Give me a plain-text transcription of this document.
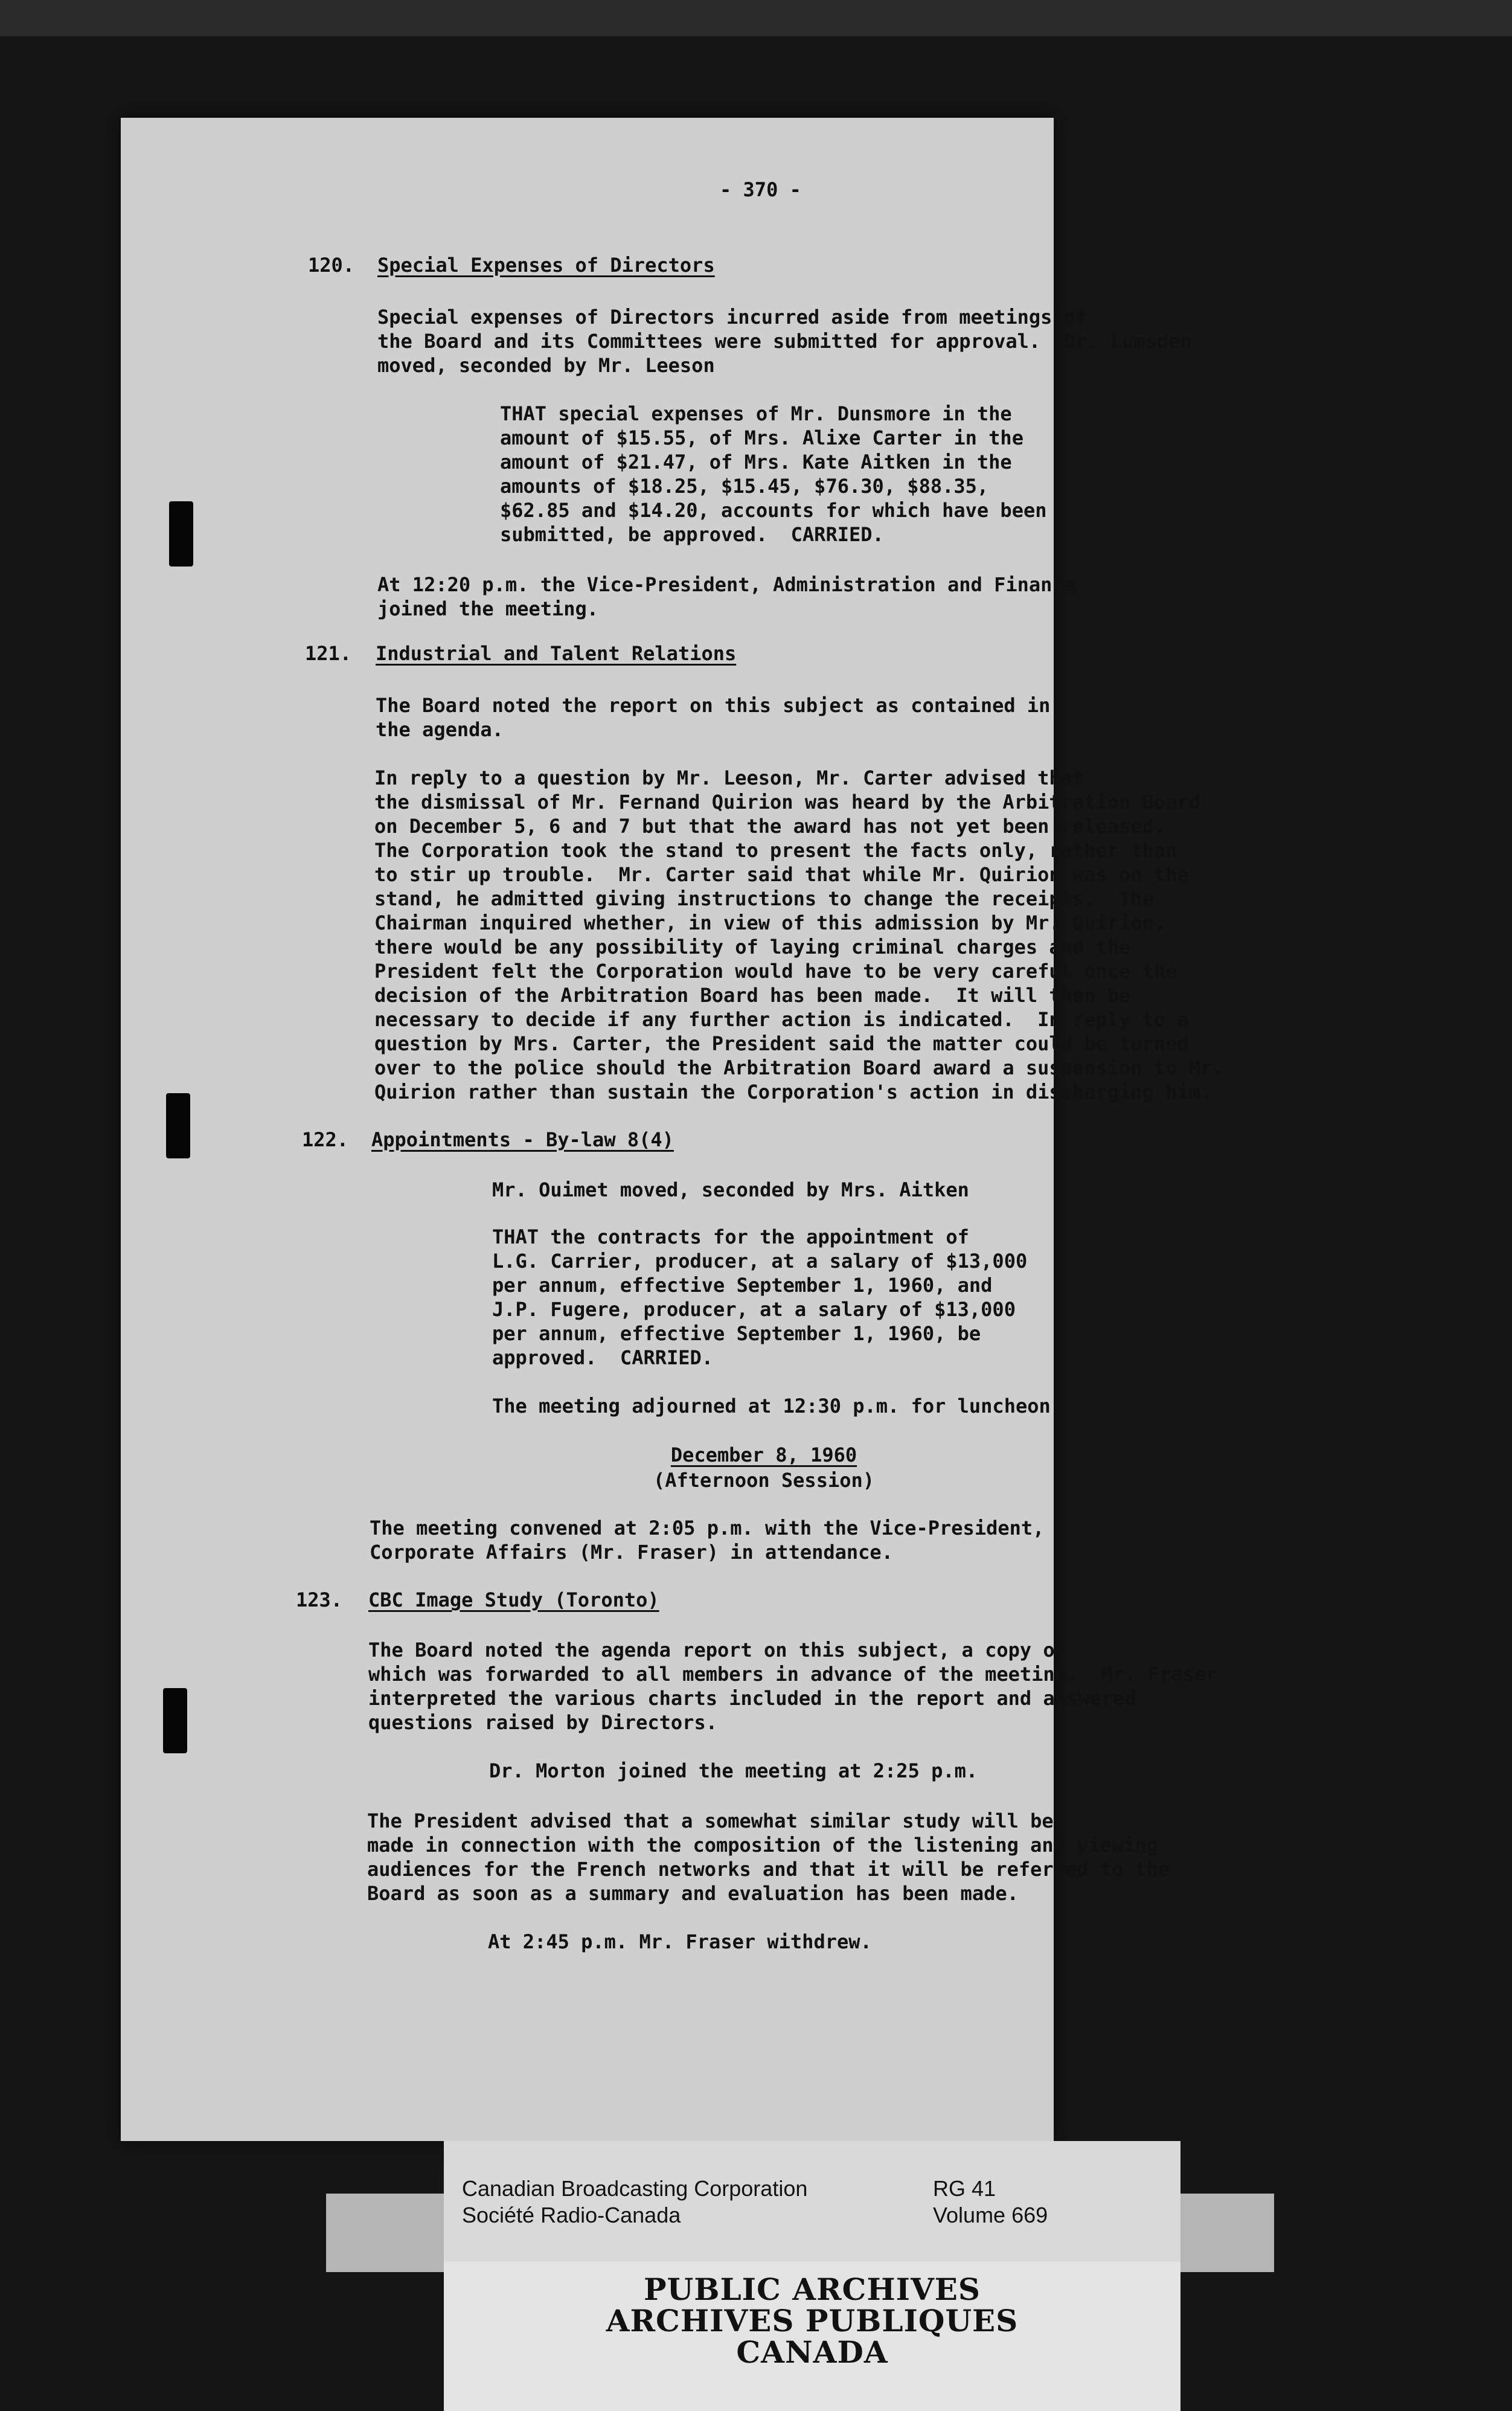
- 370 -
120. Special Expenses of Directors
Special expenses of Directors incurred aside from meetings of
the Board and its Committees were submitted for approval.  Dr. Lumsden
moved, seconded by Mr. Leeson
THAT special expenses of Mr. Dunsmore in the
amount of $15.55, of Mrs. Alixe Carter in the
amount of $21.47, of Mrs. Kate Aitken in the
amounts of $18.25, $15.45, $76.30, $88.35,
$62.85 and $14.20, accounts for which have been
submitted, be approved.  CARRIED.
At 12:20 p.m. the Vice-President, Administration and Finance
joined the meeting.
121. Industrial and Talent Relations
The Board noted the report on this subject as contained in
the agenda.
In reply to a question by Mr. Leeson, Mr. Carter advised that
the dismissal of Mr. Fernand Quirion was heard by the Arbitration Board
on December 5, 6 and 7 but that the award has not yet been released.
The Corporation took the stand to present the facts only, rather than
to stir up trouble.  Mr. Carter said that while Mr. Quirion was on the
stand, he admitted giving instructions to change the receipts.  The
Chairman inquired whether, in view of this admission by Mr. Quirion,
there would be any possibility of laying criminal charges and the
President felt the Corporation would have to be very careful once the
decision of the Arbitration Board has been made.  It will then be
necessary to decide if any further action is indicated.  In reply to a
question by Mrs. Carter, the President said the matter could be turned
over to the police should the Arbitration Board award a suspension to Mr.
Quirion rather than sustain the Corporation's action in discharging him.
122. Appointments - By-law 8(4)
Mr. Ouimet moved, seconded by Mrs. Aitken
THAT the contracts for the appointment of
L.G. Carrier, producer, at a salary of $13,000
per annum, effective September 1, 1960, and
J.P. Fugere, producer, at a salary of $13,000
per annum, effective September 1, 1960, be
approved.  CARRIED.
The meeting adjourned at 12:30 p.m. for luncheon.
December 8, 1960
(Afternoon Session)
The meeting convened at 2:05 p.m. with the Vice-President,
Corporate Affairs (Mr. Fraser) in attendance.
123. CBC Image Study (Toronto)
The Board noted the agenda report on this subject, a copy of
which was forwarded to all members in advance of the meeting.  Mr. Fraser
interpreted the various charts included in the report and answered
questions raised by Directors.
Dr. Morton joined the meeting at 2:25 p.m.
The President advised that a somewhat similar study will be
made in connection with the composition of the listening and viewing
audiences for the French networks and that it will be referred to the
Board as soon as a summary and evaluation has been made.
At 2:45 p.m. Mr. Fraser withdrew.
Canadian Broadcasting Corporation
Société Radio-Canada
RG 41
Volume 669
PUBLIC ARCHIVES
ARCHIVES PUBLIQUES
CANADA
